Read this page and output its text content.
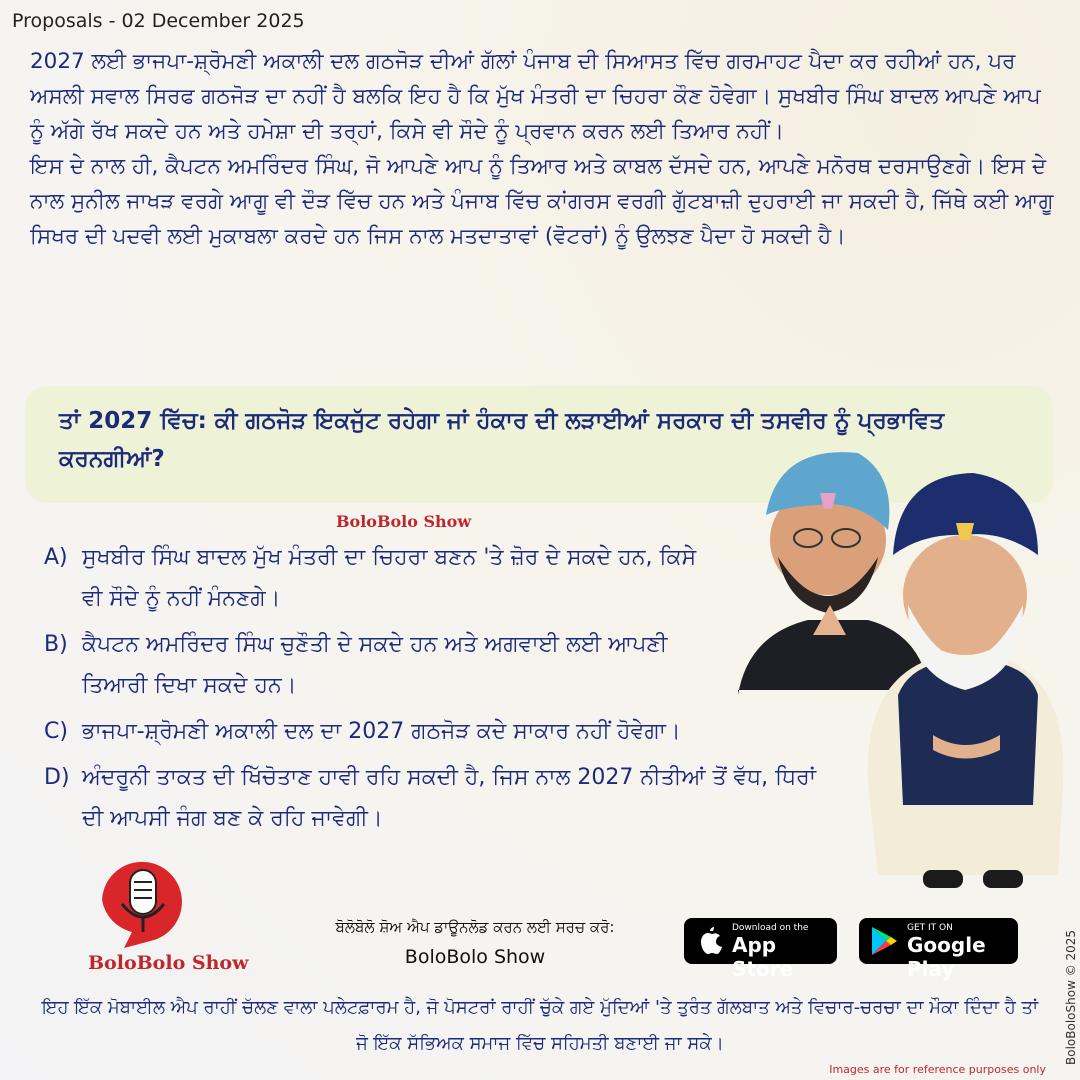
Proposals - 02 December 2025

2027 ਲਈ ਭਾਜਪਾ-ਸ਼੍ਰੋਮਣੀ ਅਕਾਲੀ ਦਲ ਗਠਜੋੜ ਦੀਆਂ ਗੱਲਾਂ ਪੰਜਾਬ ਦੀ ਸਿਆਸਤ ਵਿੱਚ ਗਰਮਾਹਟ ਪੈਦਾ ਕਰ ਰਹੀਆਂ ਹਨ, ਪਰ ਅਸਲੀ ਸਵਾਲ ਸਿਰਫ ਗਠਜੋੜ ਦਾ ਨਹੀਂ ਹੈ ਬਲਕਿ ਇਹ ਹੈ ਕਿ ਮੁੱਖ ਮੰਤਰੀ ਦਾ ਚਿਹਰਾ ਕੌਣ ਹੋਵੇਗਾ। ਸੁਖਬੀਰ ਸਿੰਘ ਬਾਦਲ ਆਪਣੇ ਆਪ ਨੂੰ ਅੱਗੇ ਰੱਖ ਸਕਦੇ ਹਨ ਅਤੇ ਹਮੇਸ਼ਾ ਦੀ ਤਰ੍ਹਾਂ, ਕਿਸੇ ਵੀ ਸੌਦੇ ਨੂੰ ਪ੍ਰਵਾਨ ਕਰਨ ਲਈ ਤਿਆਰ ਨਹੀਂ।

ਇਸ ਦੇ ਨਾਲ ਹੀ, ਕੈਪਟਨ ਅਮਰਿੰਦਰ ਸਿੰਘ, ਜੋ ਆਪਣੇ ਆਪ ਨੂੰ ਤਿਆਰ ਅਤੇ ਕਾਬਲ ਦੱਸਦੇ ਹਨ, ਆਪਣੇ ਮਨੋਰਥ ਦਰਸਾਉਣਗੇ। ਇਸ ਦੇ ਨਾਲ ਸੁਨੀਲ ਜਾਖੜ ਵਰਗੇ ਆਗੂ ਵੀ ਦੌੜ ਵਿੱਚ ਹਨ ਅਤੇ ਪੰਜਾਬ ਵਿੱਚ ਕਾਂਗਰਸ ਵਰਗੀ ਗੁੱਟਬਾਜ਼ੀ ਦੁਹਰਾਈ ਜਾ ਸਕਦੀ ਹੈ, ਜਿੱਥੇ ਕਈ ਆਗੂ ਸਿਖਰ ਦੀ ਪਦਵੀ ਲਈ ਮੁਕਾਬਲਾ ਕਰਦੇ ਹਨ ਜਿਸ ਨਾਲ ਮਤਦਾਤਾਵਾਂ (ਵੋਟਰਾਂ) ਨੂੰ ਉਲਝਣ ਪੈਦਾ ਹੋ ਸਕਦੀ ਹੈ।

ਤਾਂ 2027 ਵਿੱਚ: ਕੀ ਗਠਜੋੜ ਇਕਜੁੱਟ ਰਹੇਗਾ ਜਾਂ ਹੰਕਾਰ ਦੀ ਲੜਾਈਆਂ ਸਰਕਾਰ ਦੀ ਤਸਵੀਰ ਨੂੰ ਪ੍ਰਭਾਵਿਤ ਕਰਨਗੀਆਂ?
BoloBolo Show
A) ਸੁਖਬੀਰ ਸਿੰਘ ਬਾਦਲ ਮੁੱਖ ਮੰਤਰੀ ਦਾ ਚਿਹਰਾ ਬਣਨ 'ਤੇ ਜ਼ੋਰ ਦੇ ਸਕਦੇ ਹਨ, ਕਿਸੇ ਵੀ ਸੌਦੇ ਨੂੰ ਨਹੀਂ ਮੰਨਣਗੇ।
B) ਕੈਪਟਨ ਅਮਰਿੰਦਰ ਸਿੰਘ ਚੁਣੌਤੀ ਦੇ ਸਕਦੇ ਹਨ ਅਤੇ ਅਗਵਾਈ ਲਈ ਆਪਣੀ ਤਿਆਰੀ ਦਿਖਾ ਸਕਦੇ ਹਨ।
C) ਭਾਜਪਾ-ਸ਼੍ਰੋਮਣੀ ਅਕਾਲੀ ਦਲ ਦਾ 2027 ਗਠਜੋੜ ਕਦੇ ਸਾਕਾਰ ਨਹੀਂ ਹੋਵੇਗਾ।
D) ਅੰਦਰੂਨੀ ਤਾਕਤ ਦੀ ਖਿੱਚੋਤਾਣ ਹਾਵੀ ਰਹਿ ਸਕਦੀ ਹੈ, ਜਿਸ ਨਾਲ 2027 ਨੀਤੀਆਂ ਤੋਂ ਵੱਧ, ਧਿਰਾਂ ਦੀ ਆਪਸੀ ਜੰਗ ਬਣ ਕੇ ਰਹਿ ਜਾਵੇਗੀ।
BoloBolo Show
ਬੋਲੋਬੋਲੋ ਸ਼ੋਅ ਐਪ ਡਾਊਨਲੋਡ ਕਰਨ ਲਈ ਸਰਚ ਕਰੋ:
BoloBolo Show
Download on the
App Store
GET IT ON
Google Play
ਇਹ ਇੱਕ ਮੋਬਾਈਲ ਐਪ ਰਾਹੀਂ ਚੱਲਣ ਵਾਲਾ ਪਲੇਟਫ਼ਾਰਮ ਹੈ, ਜੋ ਪੋਸਟਰਾਂ ਰਾਹੀਂ ਚੁੱਕੇ ਗਏ ਮੁੱਦਿਆਂ 'ਤੇ ਤੁਰੰਤ ਗੱਲਬਾਤ ਅਤੇ ਵਿਚਾਰ-ਚਰਚਾ ਦਾ ਮੌਕਾ ਦਿੰਦਾ ਹੈ ਤਾਂ ਜੋ ਇੱਕ ਸੱਭਿਅਕ ਸਮਾਜ ਵਿੱਚ ਸਹਿਮਤੀ ਬਣਾਈ ਜਾ ਸਕੇ।	BoloBoloShow © 2025
Images are for reference purposes only
